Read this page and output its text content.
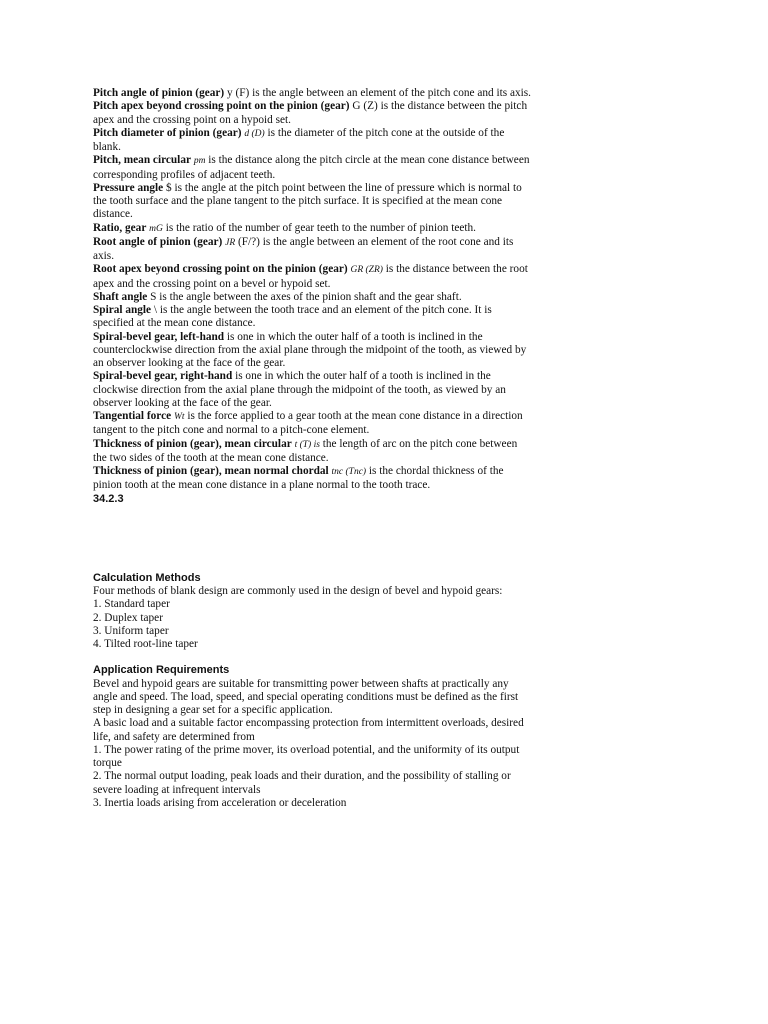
Pitch angle of pinion (gear) y (F) is the angle between an element of the pitch cone and its axis.

Pitch apex beyond crossing point on the pinion (gear) G (Z) is the distance between the pitch apex and the crossing point on a hypoid set.

Pitch diameter of pinion (gear) d (D) is the diameter of the pitch cone at the outside of the blank.

Pitch, mean circular pm is the distance along the pitch circle at the mean cone distance between corresponding profiles of adjacent teeth.

Pressure angle $ is the angle at the pitch point between the line of pressure which is normal to the tooth surface and the plane tangent to the pitch surface. It is specified at the mean cone distance.

Ratio, gear mG is the ratio of the number of gear teeth to the number of pinion teeth.

Root angle of pinion (gear) JR (F/?) is the angle between an element of the root cone and its axis.

Root apex beyond crossing point on the pinion (gear) GR (ZR) is the distance between the root apex and the crossing point on a bevel or hypoid set.

Shaft angle S is the angle between the axes of the pinion shaft and the gear shaft.

Spiral angle \ is the angle between the tooth trace and an element of the pitch cone. It is specified at the mean cone distance.

Spiral-bevel gear, left-hand is one in which the outer half of a tooth is inclined in the counterclockwise direction from the axial plane through the midpoint of the tooth, as viewed by an observer looking at the face of the gear.

Spiral-bevel gear, right-hand is one in which the outer half of a tooth is inclined in the clockwise direction from the axial plane through the midpoint of the tooth, as viewed by an observer looking at the face of the gear.

Tangential force Wt is the force applied to a gear tooth at the mean cone distance in a direction tangent to the pitch cone and normal to a pitch-cone element.

Thickness of pinion (gear), mean circular t (T) is the length of arc on the pitch cone between the two sides of the tooth at the mean cone distance.

Thickness of pinion (gear), mean normal chordal tnc (Tnc) is the chordal thickness of the pinion tooth at the mean cone distance in a plane normal to the tooth trace.

34.2.3

Calculation Methods

Four methods of blank design are commonly used in the design of bevel and hypoid gears:

1. Standard taper
2. Duplex taper
3. Uniform taper
4. Tilted root-line taper

Application Requirements

Bevel and hypoid gears are suitable for transmitting power between shafts at practically any angle and speed. The load, speed, and special operating conditions must be defined as the first step in designing a gear set for a specific application.

A basic load and a suitable factor encompassing protection from intermittent overloads, desired life, and safety are determined from

1. The power rating of the prime mover, its overload potential, and the uniformity of its output torque
2. The normal output loading, peak loads and their duration, and the possibility of stalling or severe loading at infrequent intervals
3. Inertia loads arising from acceleration or deceleration
